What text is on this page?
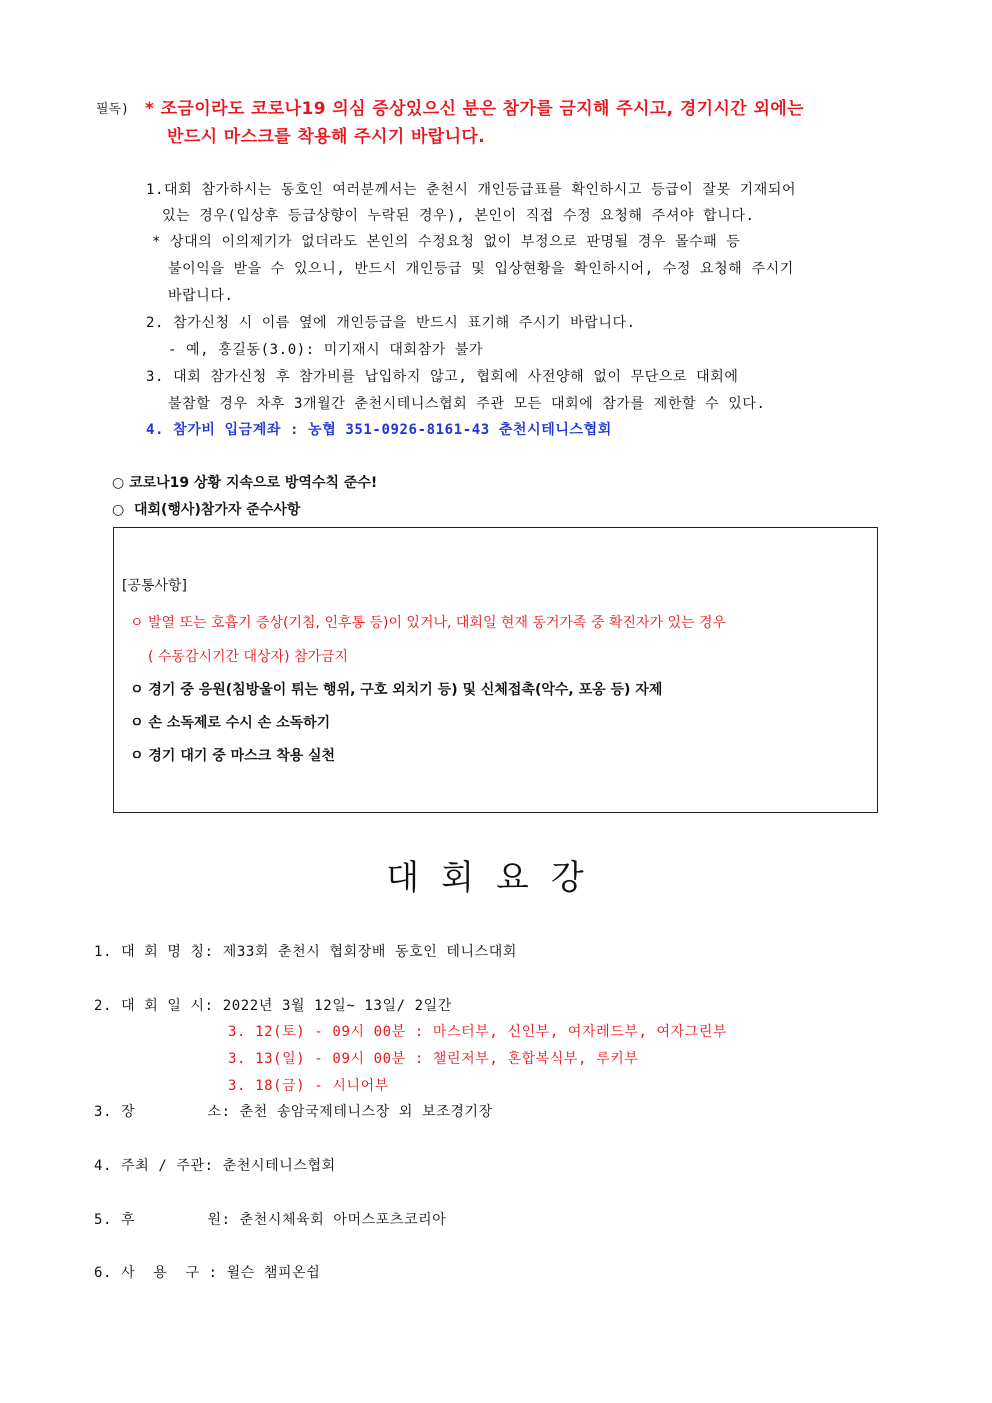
필독) * 조금이라도 코로나19 의심 증상있으신 분은 참가를 금지해 주시고, 경기시간 외에는
반드시 마스크를 착용해 주시기 바랍니다.
1.대회 참가하시는 동호인 여러분께서는 춘천시 개인등급표를 확인하시고 등급이 잘못 기재되어
있는 경우(입상후 등급상향이 누락된 경우), 본인이 직접 수정 요청해 주셔야 합니다.
* 상대의 이의제기가 없더라도 본인의 수정요청 없이 부정으로 판명될 경우 몰수패 등
불이익을 받을 수 있으니, 반드시 개인등급 및 입상현황을 확인하시어, 수정 요청해 주시기
바랍니다.
2. 참가신청 시 이름 옆에 개인등급을 반드시 표기해 주시기 바랍니다.
- 예, 홍길동(3.0): 미기재시 대회참가 불가
3. 대회 참가신청 후 참가비를 납입하지 않고, 협회에 사전양해 없이 무단으로 대회에
불참할 경우 차후 3개월간 춘천시테니스협회 주관 모든 대회에 참가를 제한할 수 있다.
4. 참가비 입금계좌 : 농협 351-0926-8161-43 춘천시테니스협회
○ 코로나19 상황 지속으로 방역수칙 준수!
○  대회(행사)참가자 준수사항
[공통사항]
ㅇ 발열 또는 호흡기 증상(기침, 인후통 등)이 있거나, 대회일 현재 동거가족 중 확진자가 있는 경우
( 수동감시기간 대상자) 참가금지
ㅇ 경기 중 응원(침방울이 튀는 행위, 구호 외치기 등) 및 신체접촉(악수, 포옹 등) 자제
ㅇ 손 소독제로 수시 손 소독하기
ㅇ 경기 대기 중 마스크 착용 실천
대회요강
1. 대 회 명 칭: 제33회 춘천시 협회장배 동호인 테니스대회
2. 대 회 일 시: 2022년 3월 12일~ 13일/ 2일간
3. 12(토) - 09시 00분 : 마스터부, 신인부, 여자레드부, 여자그린부
3. 13(일) - 09시 00분 : 챌린저부, 혼합복식부, 루키부
3. 18(금) - 시니어부
3. 장        소: 춘천 송암국제테니스장 외 보조경기장
4. 주최 / 주관: 춘천시테니스협회
5. 후        원: 춘천시체육회 아머스포츠코리아
6. 사  용  구 : 윌슨 챔피온쉽
